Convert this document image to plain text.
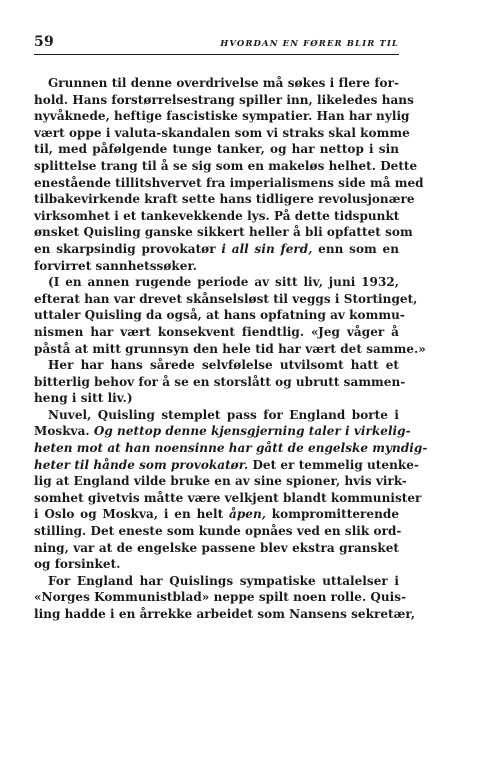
59	HVORDAN EN FØRER BLIR TIL
Grunnen til denne overdrivelse må søkes i flere for-
hold. Hans forstørrelsestrang spiller inn, likeledes hans
nyvåknede, heftige fascistiske sympatier. Han har nylig
vært oppe i valuta-skandalen som vi straks skal komme
til, med påfølgende tunge tanker, og har nettop i sin
splittelse trang til å se sig som en makeløs helhet. Dette
enestående tillitshvervet fra imperialismens side må med
tilbakevirkende kraft sette hans tidligere revolusjonære
virksomhet i et tankevekkende lys. På dette tidspunkt
ønsket Quisling ganske sikkert heller å bli opfattet som
en skarpsindig provokatør i all sin ferd, enn som en
forvirret sannhetssøker.
(I en annen rugende periode av sitt liv, juni 1932,
efterat han var drevet skånselsløst til veggs i Stortinget,
uttaler Quisling da også, at hans opfatning av kommu-
nismen har vært konsekvent fiendtlig. «Jeg våger å
påstå at mitt grunnsyn den hele tid har vært det samme.»
Her har hans sårede selvfølelse utvilsomt hatt et
bitterlig behov for å se en storslått og ubrutt sammen-
heng i sitt liv.)
Nuvel, Quisling stemplet pass for England borte i
Moskva. Og nettop denne kjensgjerning taler i virkelig-
heten mot at han noensinne har gått de engelske myndig-
heter til hånde som provokatør. Det er temmelig utenke-
lig at England vilde bruke en av sine spioner, hvis virk-
somhet givetvis måtte være velkjent blandt kommunister
i Oslo og Moskva, i en helt åpen, kompromitterende
stilling. Det eneste som kunde opnåes ved en slik ord-
ning, var at de engelske passene blev ekstra gransket
og forsinket.
For England har Quislings sympatiske uttalelser i
«Norges Kommunistblad» neppe spilt noen rolle. Quis-
ling hadde i en årrekke arbeidet som Nansens sekretær,
